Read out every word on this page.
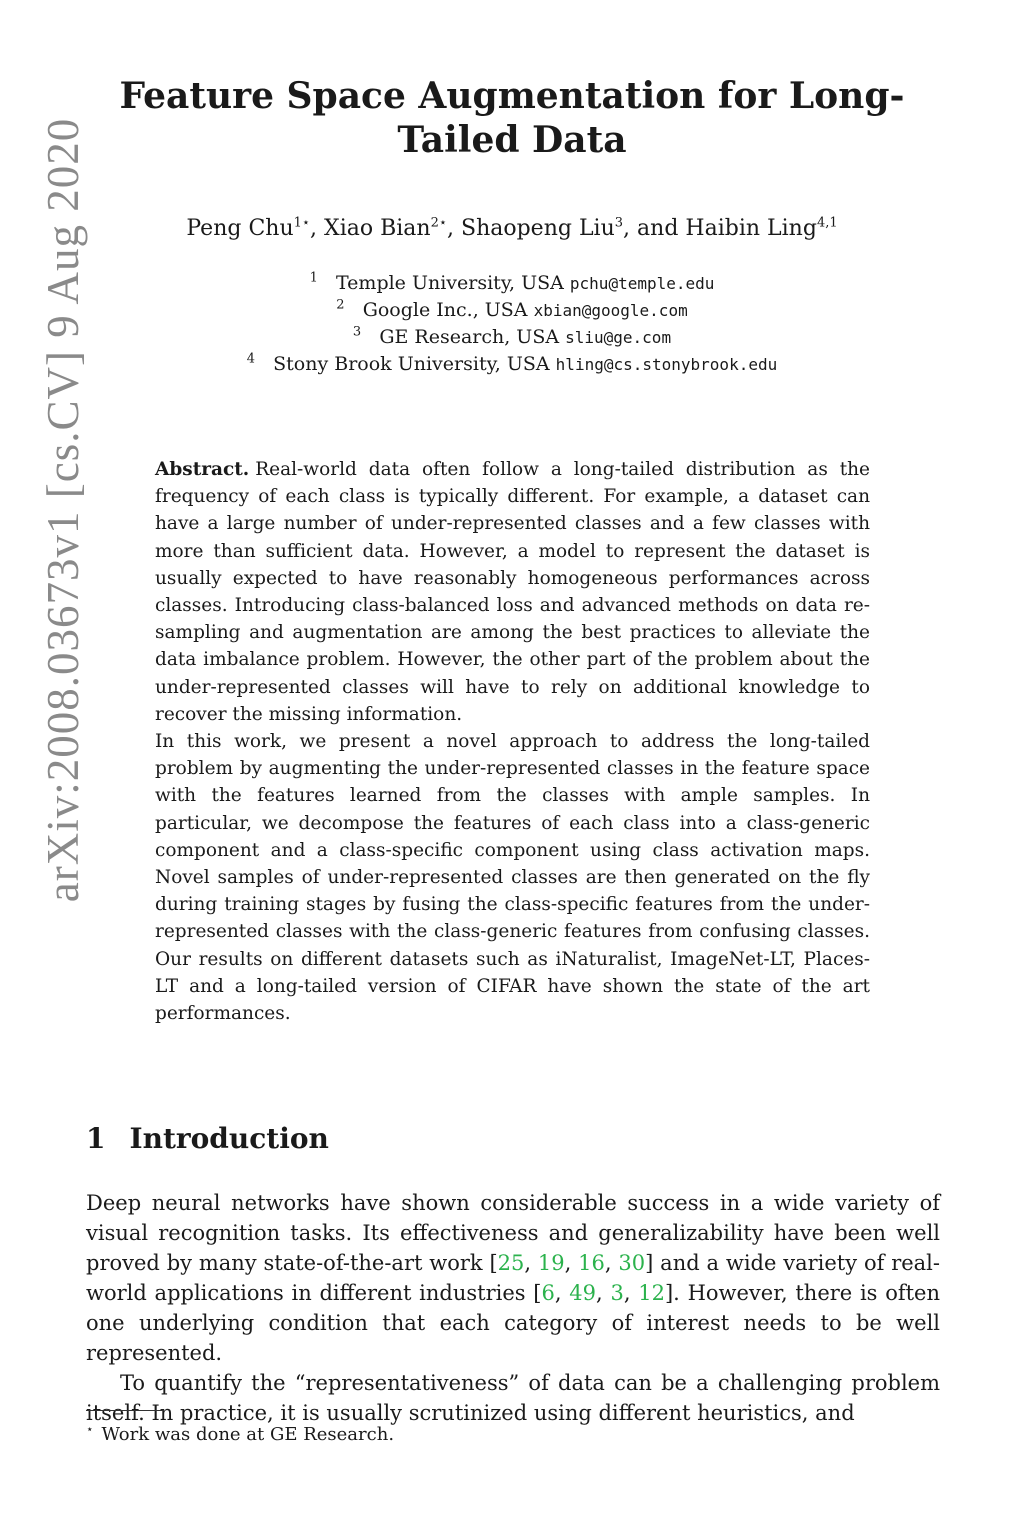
arXiv:2008.03673v1 [cs.CV] 9 Aug 2020
Feature Space Augmentation for Long-Tailed Data
Peng Chu$^{1⋆}$, Xiao Bian$^{2⋆}$, Shaopeng Liu$^3$, and Haibin Ling$^{4,1}$
$^1$ Temple University, USA pchu@temple.edu
$^2$ Google Inc., USA xbian@google.com
$^3$ GE Research, USA sliu@ge.com
$^4$ Stony Brook University, USA hling@cs.stonybrook.edu

Abstract. Real-world data often follow a long-tailed distribution as the frequency of each class is typically different. For example, a dataset can have a large number of under-represented classes and a few classes with more than sufficient data. However, a model to represent the dataset is usually expected to have reasonably homogeneous performances across classes. Introducing class-balanced loss and advanced methods on data re-sampling and augmentation are among the best practices to alleviate the data imbalance problem. However, the other part of the problem about the under-represented classes will have to rely on additional knowledge to recover the missing information.

In this work, we present a novel approach to address the long-tailed problem by augmenting the under-represented classes in the feature space with the features learned from the classes with ample samples. In particular, we decompose the features of each class into a class-generic component and a class-specific component using class activation maps. Novel samples of under-represented classes are then generated on the fly during training stages by fusing the class-specific features from the under-represented classes with the class-generic features from confusing classes. Our results on different datasets such as iNaturalist, ImageNet-LT, Places-LT and a long-tailed version of CIFAR have shown the state of the art performances.

1 Introduction

Deep neural networks have shown considerable success in a wide variety of visual recognition tasks. Its effectiveness and generalizability have been well proved by many state-of-the-art work [25, 19, 16, 30] and a wide variety of real-world applications in different industries [6, 49, 3, 12]. However, there is often one underlying condition that each category of interest needs to be well represented.

To quantify the “representativeness” of data can be a challenging problem itself. In practice, it is usually scrutinized using different heuristics, and

⋆ Work was done at GE Research.
